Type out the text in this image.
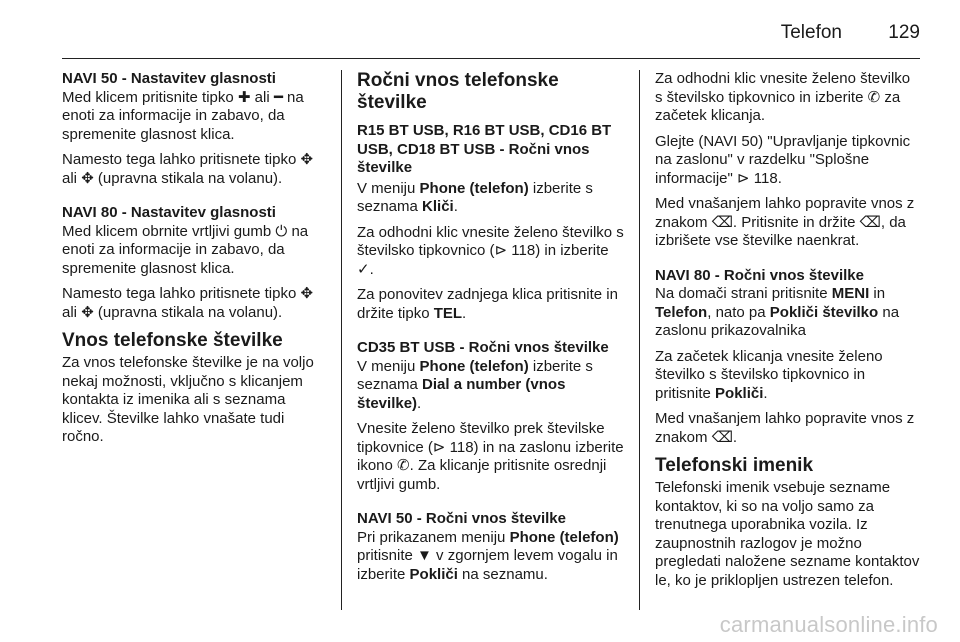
Telefon 129
NAVI 50 - Nastavitev glasnosti

Med klicem pritisnite tipko ✚ ali ━ na enoti za informacije in zabavo, da spremenite glasnost klica.

Namesto tega lahko pritisnete tipko ✥ ali ✥ (upravna stikala na volanu).

NAVI 80 - Nastavitev glasnosti

Med klicem obrnite vrtljivi gumb ⏻ na enoti za informacije in zabavo, da spremenite glasnost klica.

Namesto tega lahko pritisnete tipko ✥ ali ✥ (upravna stikala na volanu).

Vnos telefonske številke

Za vnos telefonske številke je na voljo nekaj možnosti, vključno s klicanjem kontakta iz imenika ali s seznama klicev. Številke lahko vnašate tudi ročno.

Ročni vnos telefonske številke
R15 BT USB, R16 BT USB, CD16 BT USB, CD18 BT USB - Ročni vnos številke

V meniju Phone (telefon) izberite s seznama Kliči.

Za odhodni klic vnesite želeno številko s številsko tipkovnico (⊳ 118) in izberite ✓.

Za ponovitev zadnjega klica pritisnite in držite tipko TEL.

CD35 BT USB - Ročni vnos številke

V meniju Phone (telefon) izberite s seznama Dial a number (vnos številke).

Vnesite želeno številko prek številske tipkovnice (⊳ 118) in na zaslonu izberite ikono ✆. Za klicanje pritisnite osrednji vrtljivi gumb.

NAVI 50 - Ročni vnos številke

Pri prikazanem meniju Phone (telefon) pritisnite ▼ v zgornjem levem vogalu in izberite Pokliči na seznamu.

Za odhodni klic vnesite želeno številko s številsko tipkovnico in izberite ✆ za začetek klicanja.

Glejte (NAVI 50) "Upravljanje tipkovnic na zaslonu" v razdelku "Splošne informacije" ⊳ 118.

Med vnašanjem lahko popravite vnos z znakom ⌫. Pritisnite in držite ⌫, da izbrišete vse številke naenkrat.

NAVI 80 - Ročni vnos številke

Na domači strani pritisnite MENI in Telefon, nato pa Pokliči številko na zaslonu prikazovalnika

Za začetek klicanja vnesite želeno številko s številsko tipkovnico in pritisnite Pokliči.

Med vnašanjem lahko popravite vnos z znakom ⌫.

Telefonski imenik

Telefonski imenik vsebuje sezname kontaktov, ki so na voljo samo za trenutnega uporabnika vozila. Iz zaupnostnih razlogov je možno pregledati naložene sezname kontaktov le, ko je priklopljen ustrezen telefon.

carmanualsonline.info
